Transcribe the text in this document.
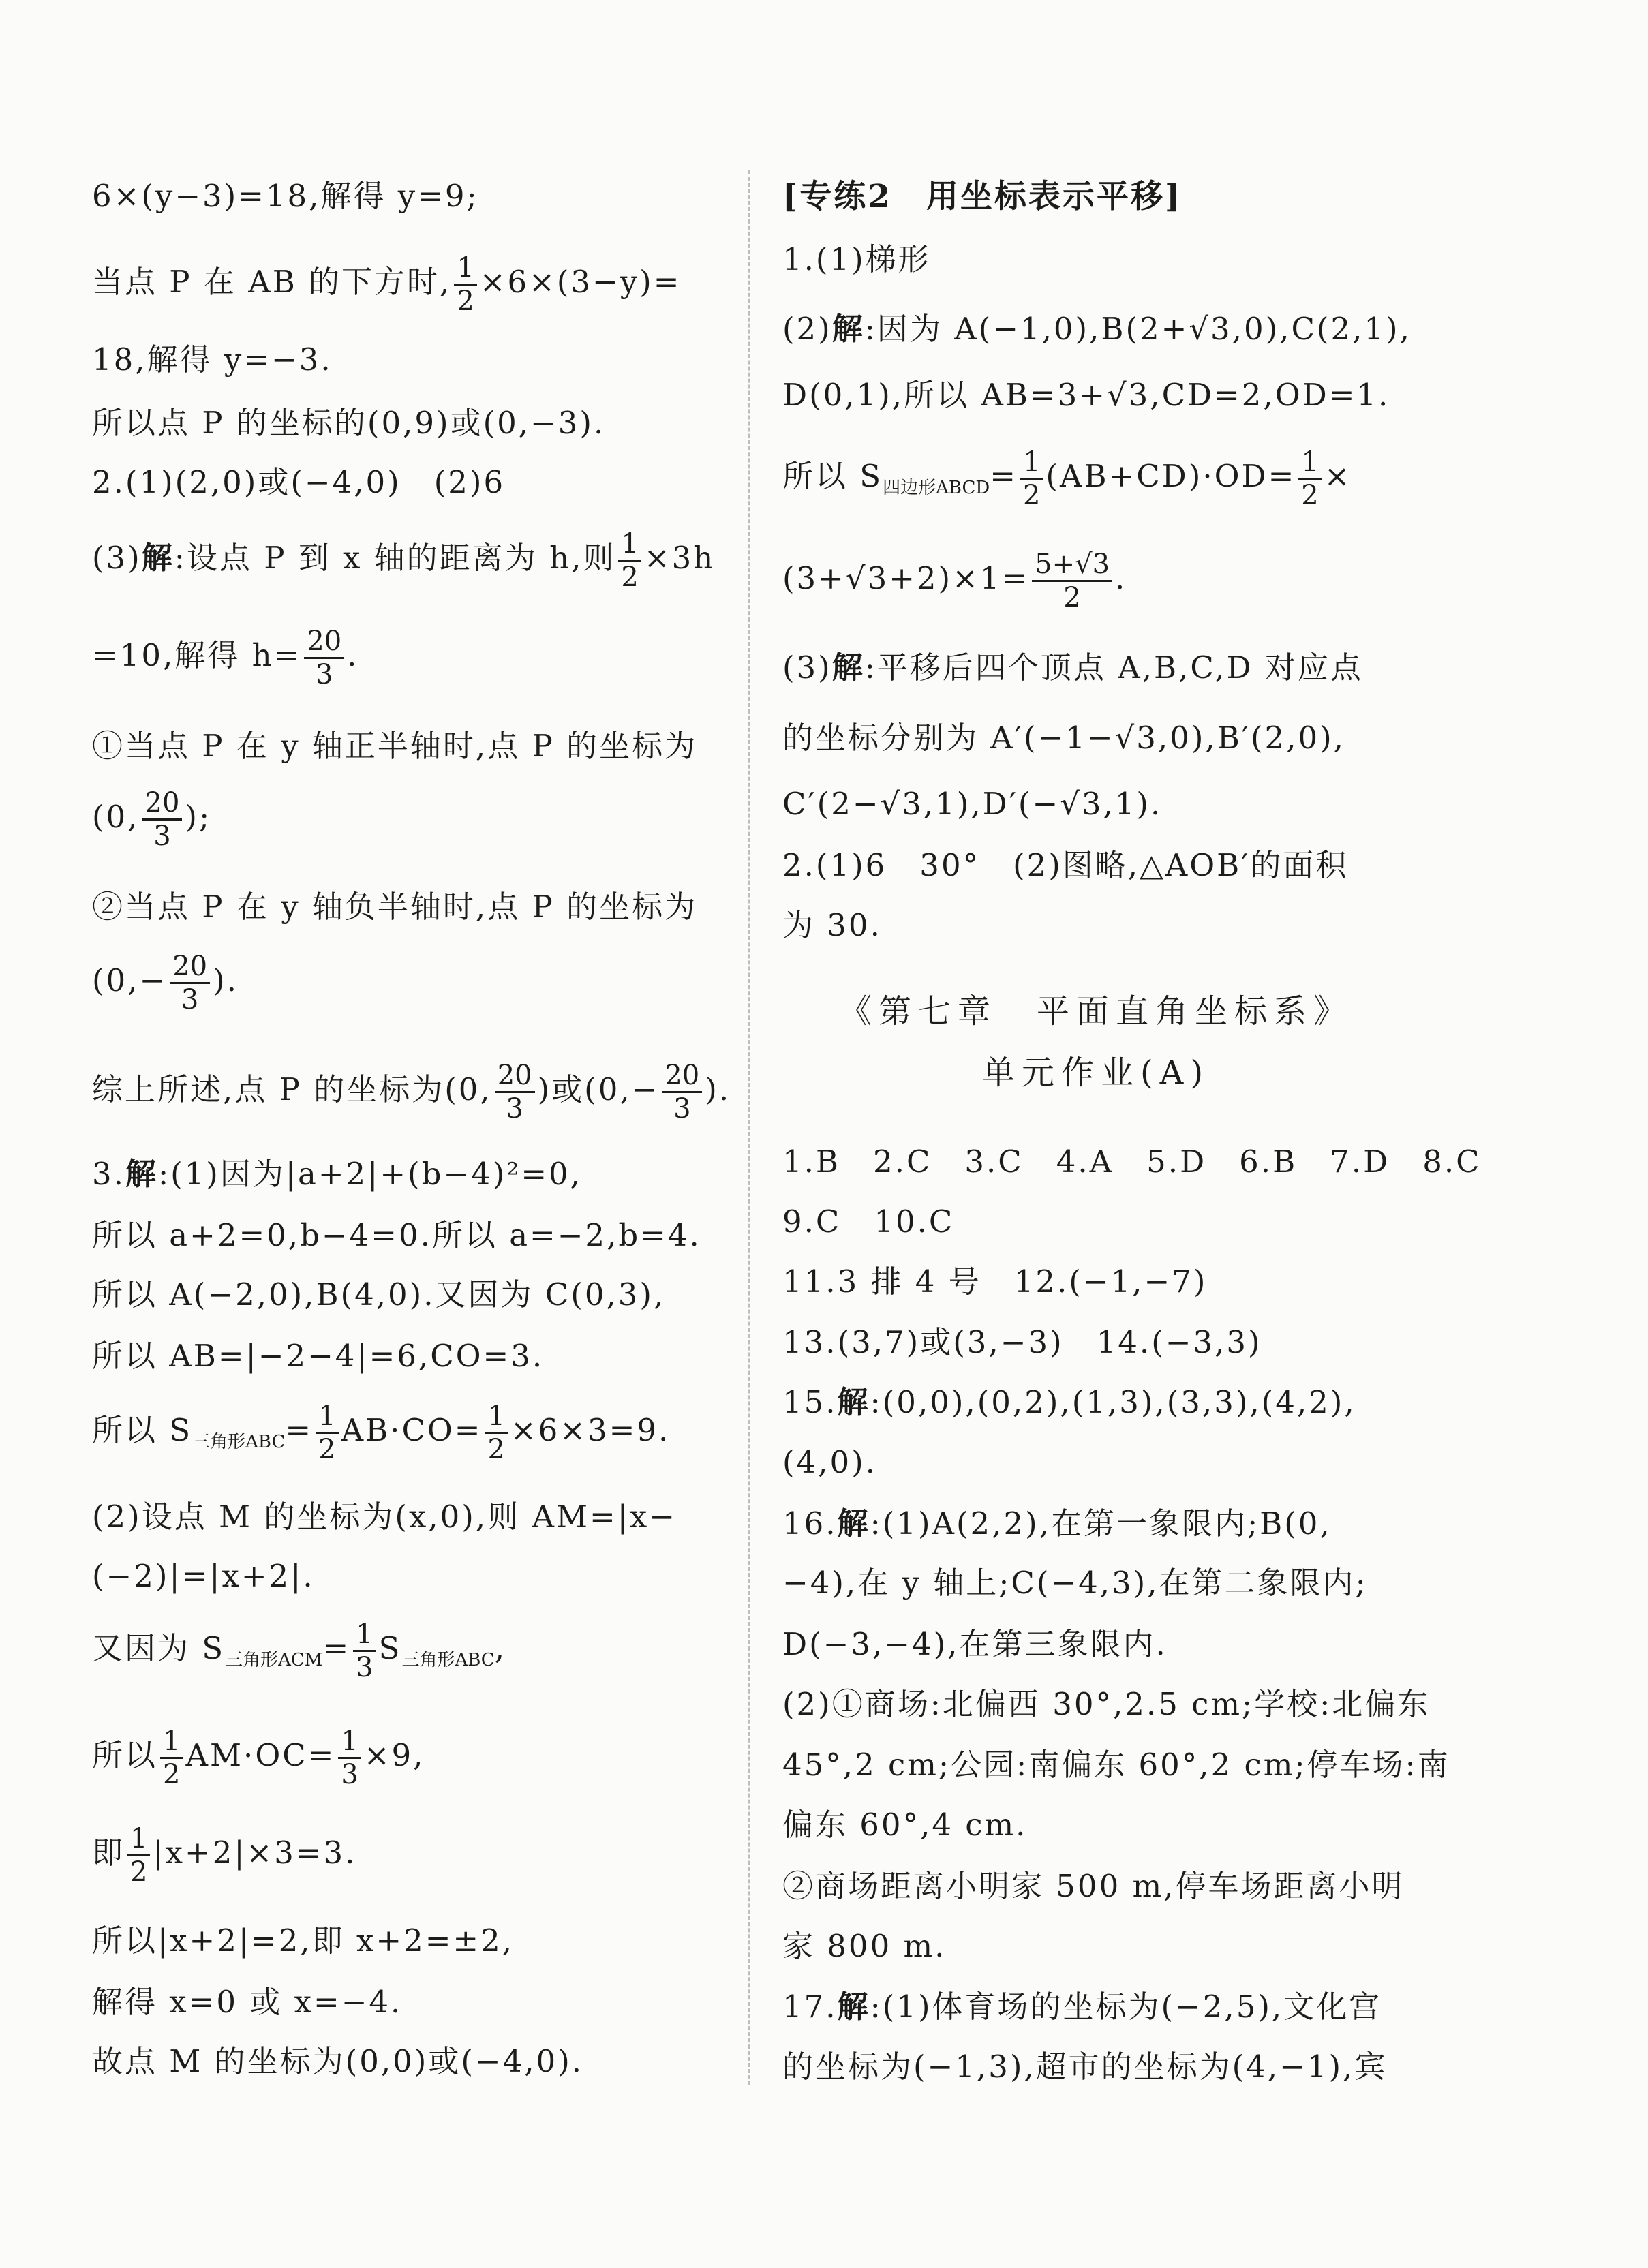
6×(y−3)=18,解得 y=9;
当点 P 在 AB 的下方时, $\frac{1}{2} \times 6\times(3-y)=$
18,解得 y=−3.
所以点 P 的坐标的(0,9)或(0,−3).
2.(1)(2,0)或(−4,0)　(2)6
(3)解:设点 P 到 x 轴的距离为 h,则 $\frac{1}{2} \times 3h$
=10,解得 $h= \frac{20}{3}$ .
①当点 P 在 y 轴正半轴时,点 P 的坐标为
(0, $\frac{20}{3}$ );
②当点 P 在 y 轴负半轴时,点 P 的坐标为
($0,- \frac{20}{3}$ ).
综上所述,点 P 的坐标为(0, $\frac{20}{3}$ )或($0,- \frac{20}{3}$ ).
3.解:(1)因为|a+2|+(b−4)²=0,
所以 a+2=0,b−4=0.所以 a=−2,b=4.
所以 A(−2,0),B(4,0).又因为 C(0,3),
所以 AB=|−2−4|=6,CO=3.
所以 $S_{三角形ABC}= \frac{1}{2} AB\cdot CO= \frac{1}{2} \times 6\times 3=9$.
(2)设点 M 的坐标为(x,0),则 AM=|x−
(−2)|=|x+2|.
又因为 $S_{三角形ACM}= \frac{1}{3} S_{三角形ABC}$,
所以 $\frac{1}{2} AM\cdot OC= \frac{1}{3} \times 9$,
即 $\frac{1}{2} |x+2|\times 3=3$.
所以|x+2|=2,即 x+2=±2,
解得 x=0 或 x=−4.
故点 M 的坐标为(0,0)或(−4,0).
[专练2　用坐标表示平移]
1.(1)梯形
(2)解:因为 A(−1,0),B(2+√3,0),C(2,1),
D(0,1),所以 AB=3+√3,CD=2,OD=1.
所以 $S_{四边形ABCD}= \frac{1}{2} (AB+CD)\cdot OD= \frac{1}{2}$ ×
$(3+√3+2)\times 1= \frac{5+√3}{2}$ .
(3)解:平移后四个顶点 A,B,C,D 对应点
的坐标分别为 A′(−1−√3,0),B′(2,0),
C′(2−√3,1),D′(−√3,1).
2.(1)6　30°　(2)图略,△AOB′的面积
为 30.
《第七章　平面直角坐标系》
单元作业(A)
1.B　2.C　3.C　4.A　5.D　6.B　7.D　8.C
9.C　10.C
11.3 排 4 号　12.(−1,−7)
13.(3,7)或(3,−3)　14.(−3,3)
15.解:(0,0),(0,2),(1,3),(3,3),(4,2),
(4,0).
16.解:(1)A(2,2),在第一象限内;B(0,
−4),在 y 轴上;C(−4,3),在第二象限内;
D(−3,−4),在第三象限内.
(2)①商场:北偏西 30°,2.5 cm;学校:北偏东
45°,2 cm;公园:南偏东 60°,2 cm;停车场:南
偏东 60°,4 cm.
②商场距离小明家 500 m,停车场距离小明
家 800 m.
17.解:(1)体育场的坐标为(−2,5),文化宫
的坐标为(−1,3),超市的坐标为(4,−1),宾
